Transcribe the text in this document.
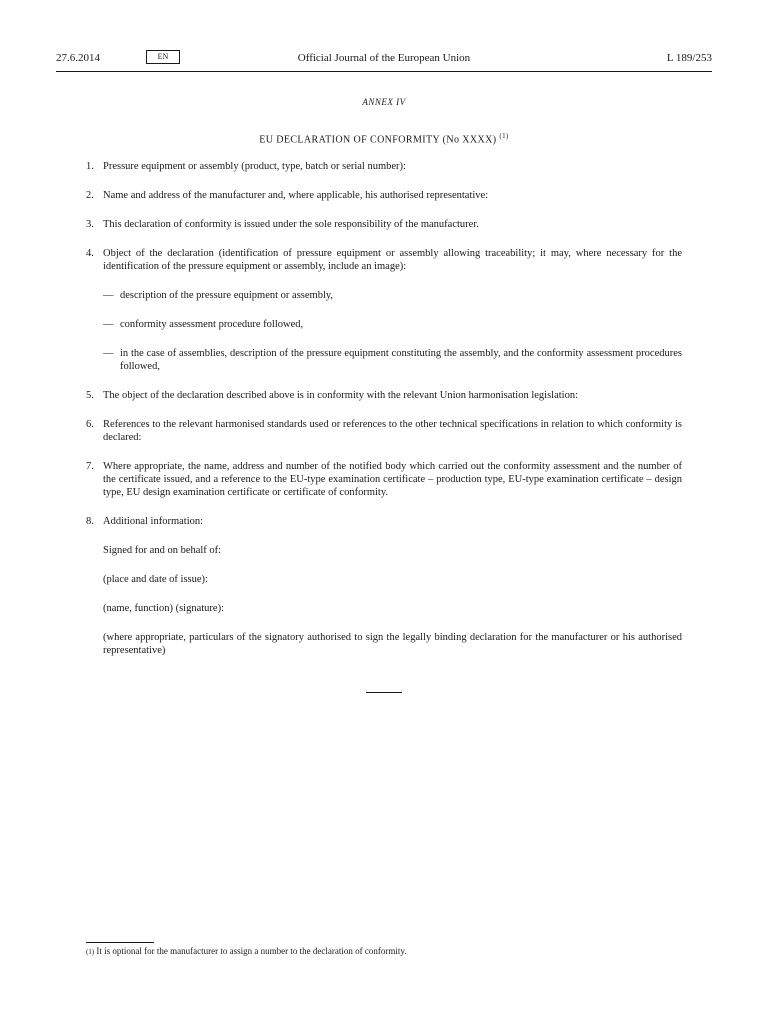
27.6.2014	EN	Official Journal of the European Union	L 189/253
ANNEX IV
EU DECLARATION OF CONFORMITY (No XXXX) $^{(1)}$
1. Pressure equipment or assembly (product, type, batch or serial number):

2. Name and address of the manufacturer and, where applicable, his authorised representative:

3. This declaration of conformity is issued under the sole responsibility of the manufacturer.

4. Object of the declaration (identification of pressure equipment or assembly allowing traceability; it may, where necessary for the identification of the pressure equipment or assembly, include an image):

— description of the pressure equipment or assembly,

— conformity assessment procedure followed,

— in the case of assemblies, description of the pressure equipment constituting the assembly, and the conformity assessment procedures followed,

5. The object of the declaration described above is in conformity with the relevant Union harmonisation legislation:

6. References to the relevant harmonised standards used or references to the other technical specifications in relation to which conformity is declared:

7. Where appropriate, the name, address and number of the notified body which carried out the conformity assessment and the number of the certificate issued, and a reference to the EU-type examination certificate – production type, EU-type examination certificate – design type, EU design examination certificate or certificate of conformity.

8. Additional information:

Signed for and on behalf of:
(place and date of issue):
(name, function) (signature):
(where appropriate, particulars of the signatory authorised to sign the legally binding declaration for the manufacturer or his authorised representative)
(1) It is optional for the manufacturer to assign a number to the declaration of conformity.
